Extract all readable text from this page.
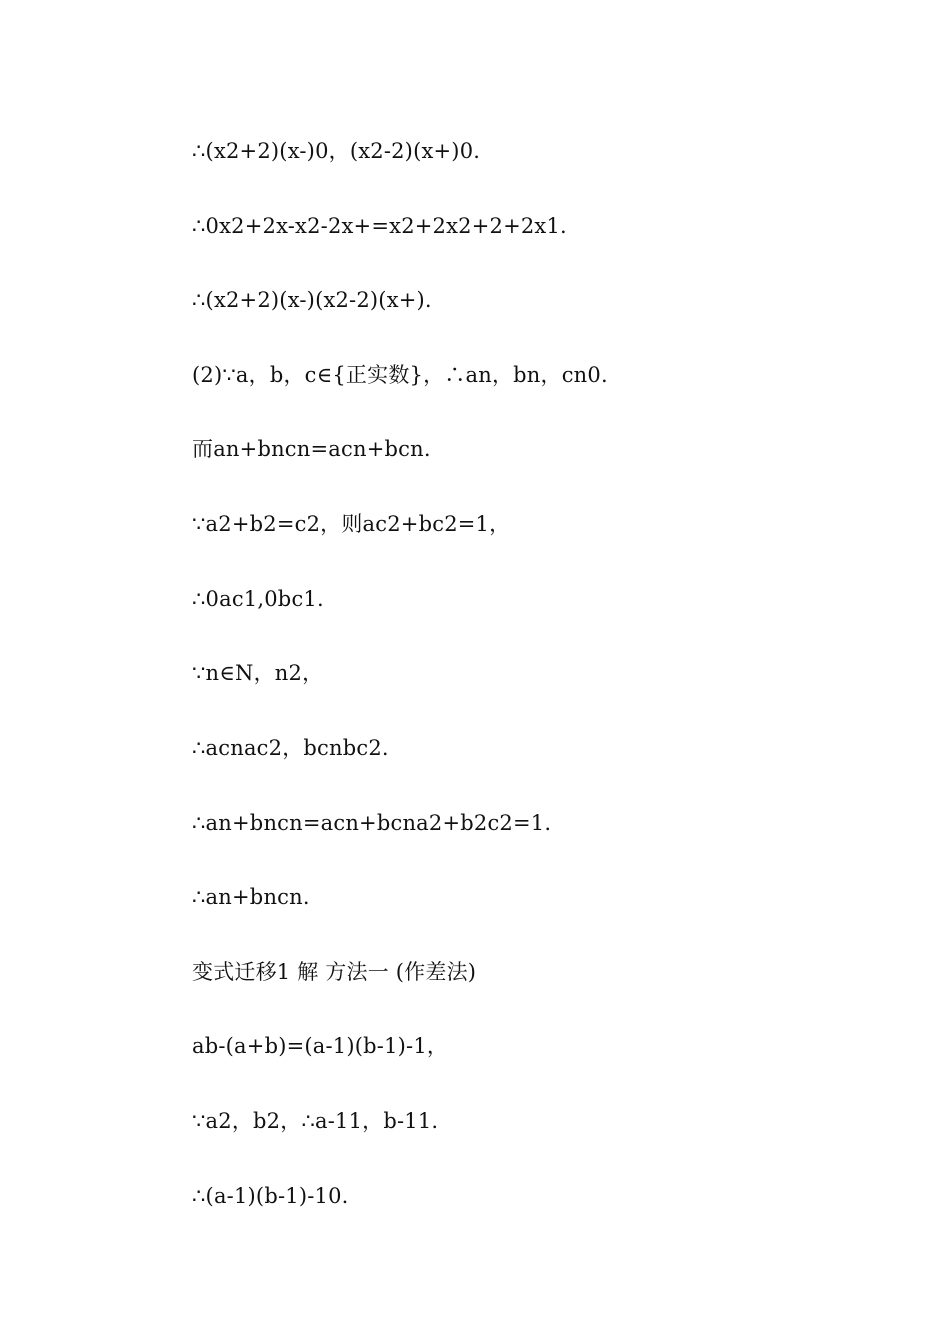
∴(x2+2)(x-)0，(x2-2)(x+)0.
∴0x2+2x-x2-2x+=x2+2x2+2+2x1.
∴(x2+2)(x-)(x2-2)(x+).
(2)∵a，b，c∈{正实数}，∴an，bn，cn0.
而an+bncn=acn+bcn.
∵a2+b2=c2，则ac2+bc2=1，
∴0ac1,0bc1.
∵n∈N，n2，
∴acnac2，bcnbc2.
∴an+bncn=acn+bcna2+b2c2=1.
∴an+bncn.
变式迁移1 解 方法一 (作差法)
ab-(a+b)=(a-1)(b-1)-1，
∵a2，b2，∴a-11，b-11.
∴(a-1)(b-1)-10.
